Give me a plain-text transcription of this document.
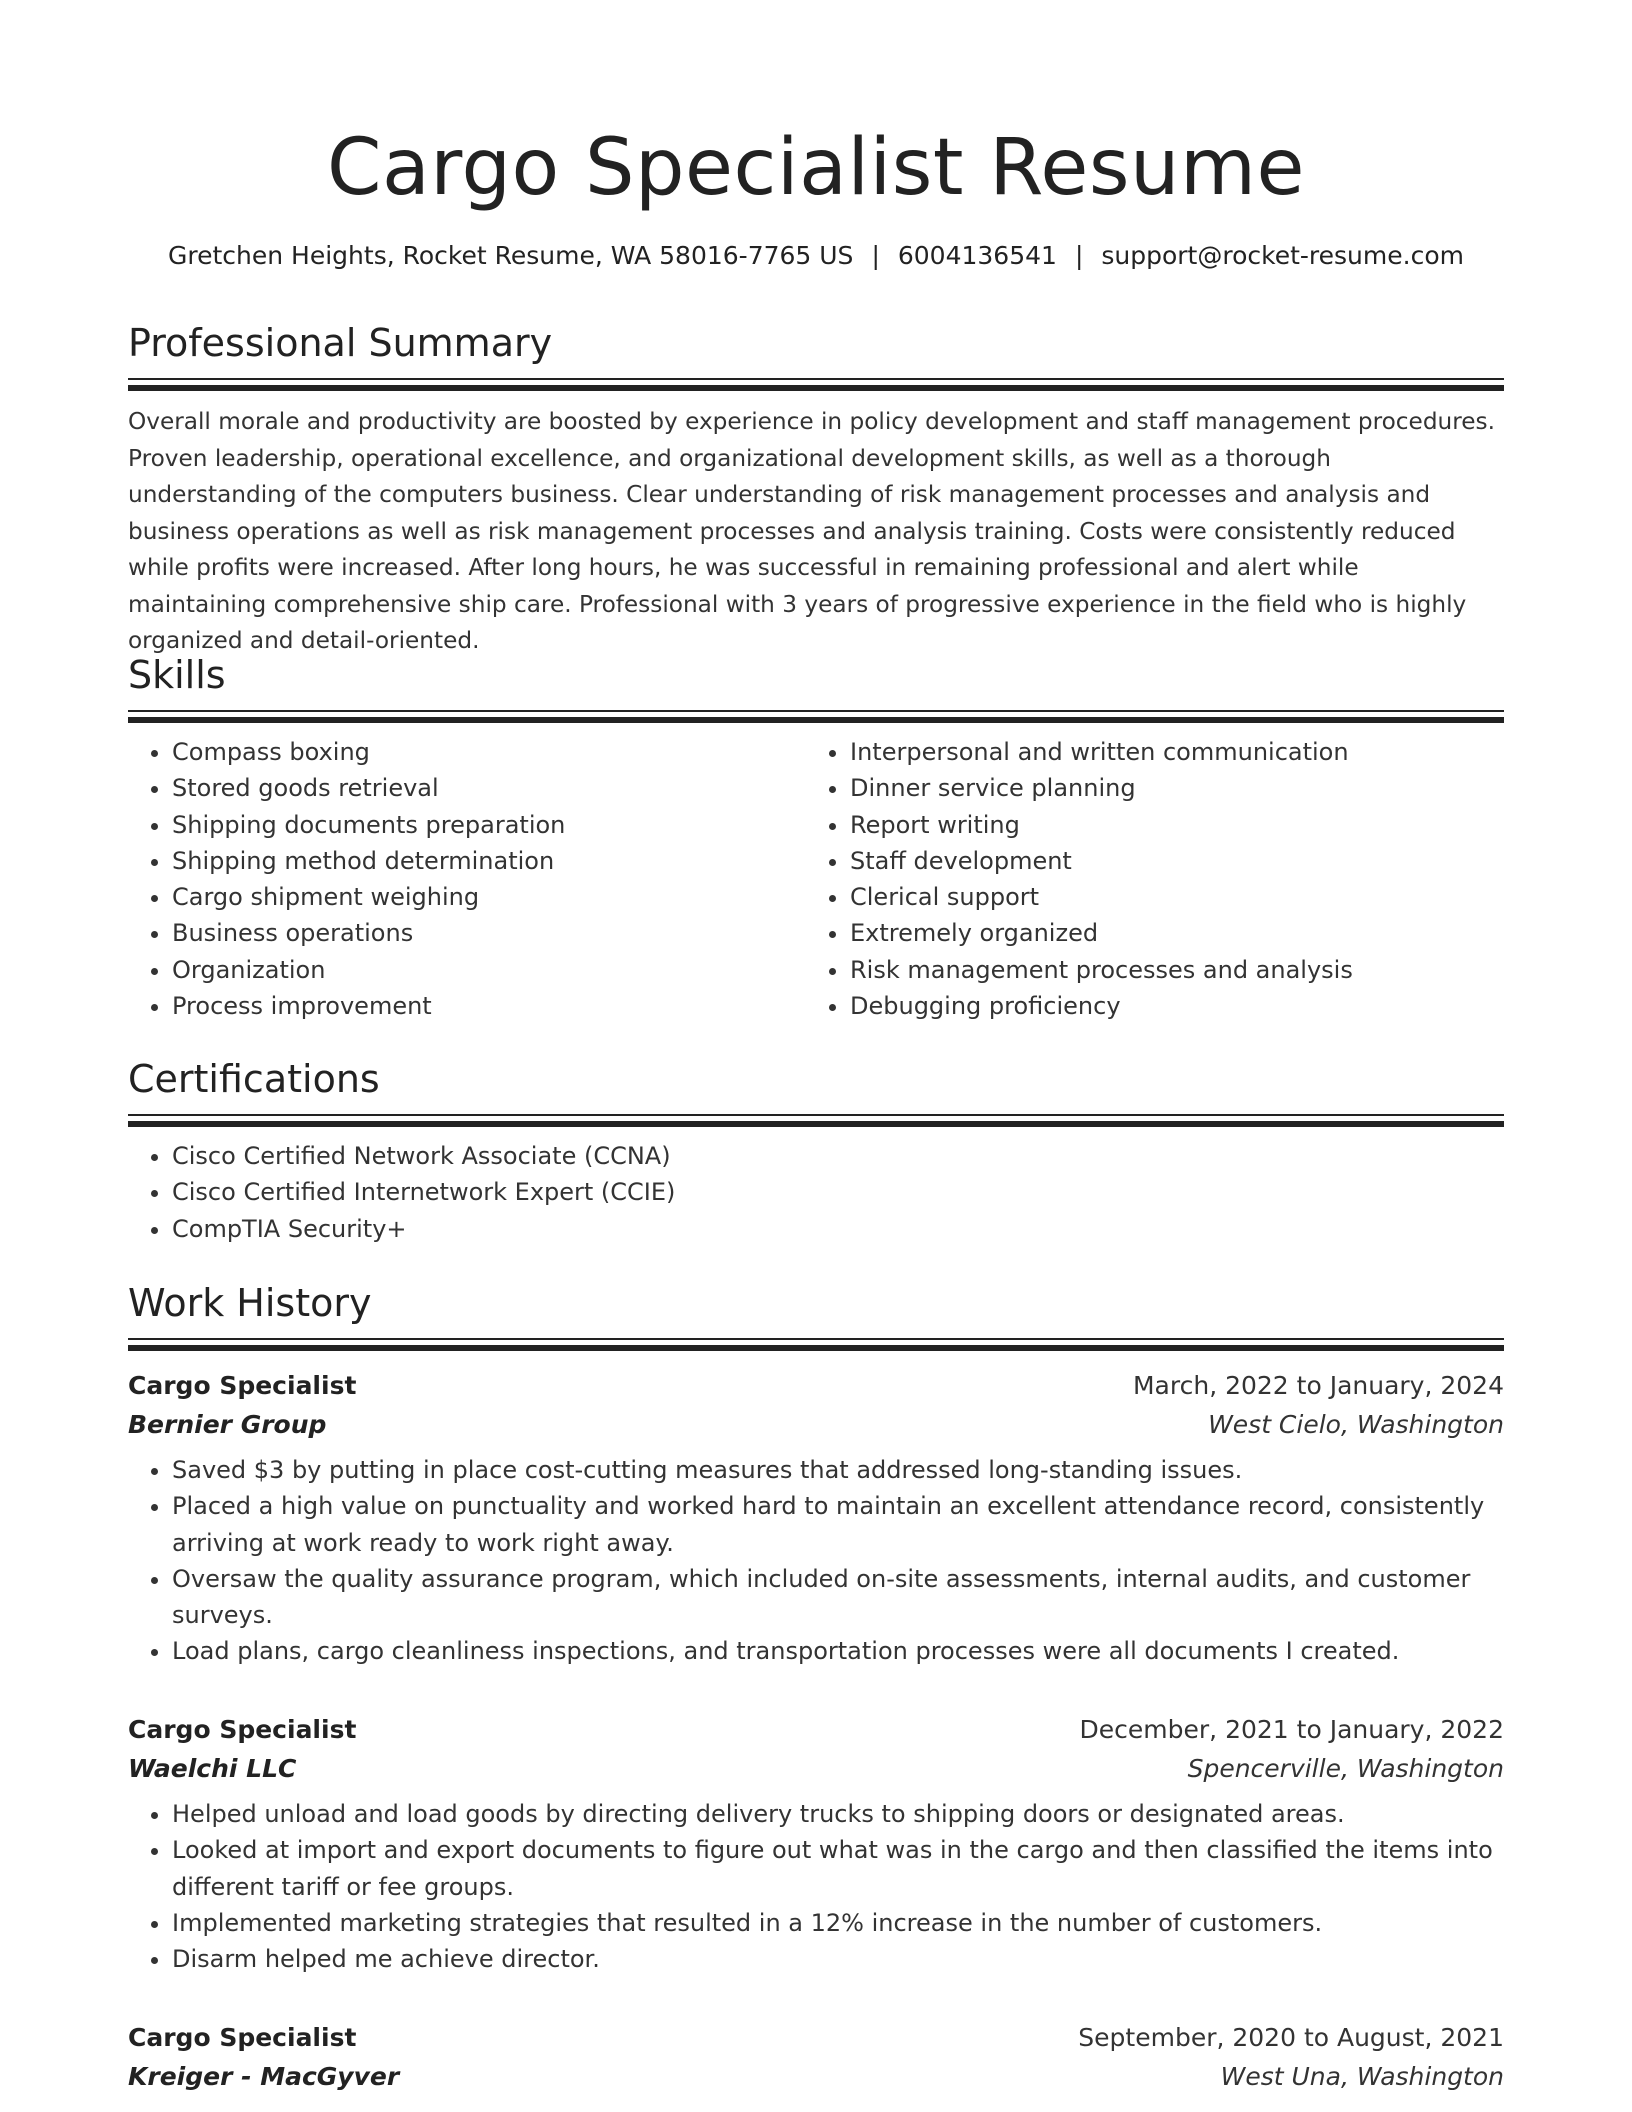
Cargo Specialist Resume
Gretchen Heights, Rocket Resume, WA 58016-7765 US | 6004136541 | support@rocket-resume.com
Professional Summary

Overall morale and productivity are boosted by experience in policy development and staff management procedures. Proven leadership, operational excellence, and organizational development skills, as well as a thorough understanding of the computers business. Clear understanding of risk management processes and analysis and business operations as well as risk management processes and analysis training. Costs were consistently reduced while profits were increased. After long hours, he was successful in remaining professional and alert while maintaining comprehensive ship care. Professional with 3 years of progressive experience in the field who is highly organized and detail-oriented.

Skills
• Compass boxing
• Stored goods retrieval
• Shipping documents preparation
• Shipping method determination
• Cargo shipment weighing
• Business operations
• Organization
• Process improvement
• Interpersonal and written communication
• Dinner service planning
• Report writing
• Staff development
• Clerical support
• Extremely organized
• Risk management processes and analysis
• Debugging proficiency
Certifications
• Cisco Certified Network Associate (CCNA)
• Cisco Certified Internetwork Expert (CCIE)
• CompTIA Security+
Work History
Cargo Specialist	March, 2022 to January, 2024
Bernier Group	West Cielo, Washington
• Saved $3 by putting in place cost-cutting measures that addressed long-standing issues.
• Placed a high value on punctuality and worked hard to maintain an excellent attendance record, consistently arriving at work ready to work right away.
• Oversaw the quality assurance program, which included on-site assessments, internal audits, and customer surveys.
• Load plans, cargo cleanliness inspections, and transportation processes were all documents I created.
Cargo Specialist	December, 2021 to January, 2022
Waelchi LLC	Spencerville, Washington
• Helped unload and load goods by directing delivery trucks to shipping doors or designated areas.
• Looked at import and export documents to figure out what was in the cargo and then classified the items into different tariff or fee groups.
• Implemented marketing strategies that resulted in a 12% increase in the number of customers.
• Disarm helped me achieve director.
Cargo Specialist	September, 2020 to August, 2021
Kreiger - MacGyver	West Una, Washington
